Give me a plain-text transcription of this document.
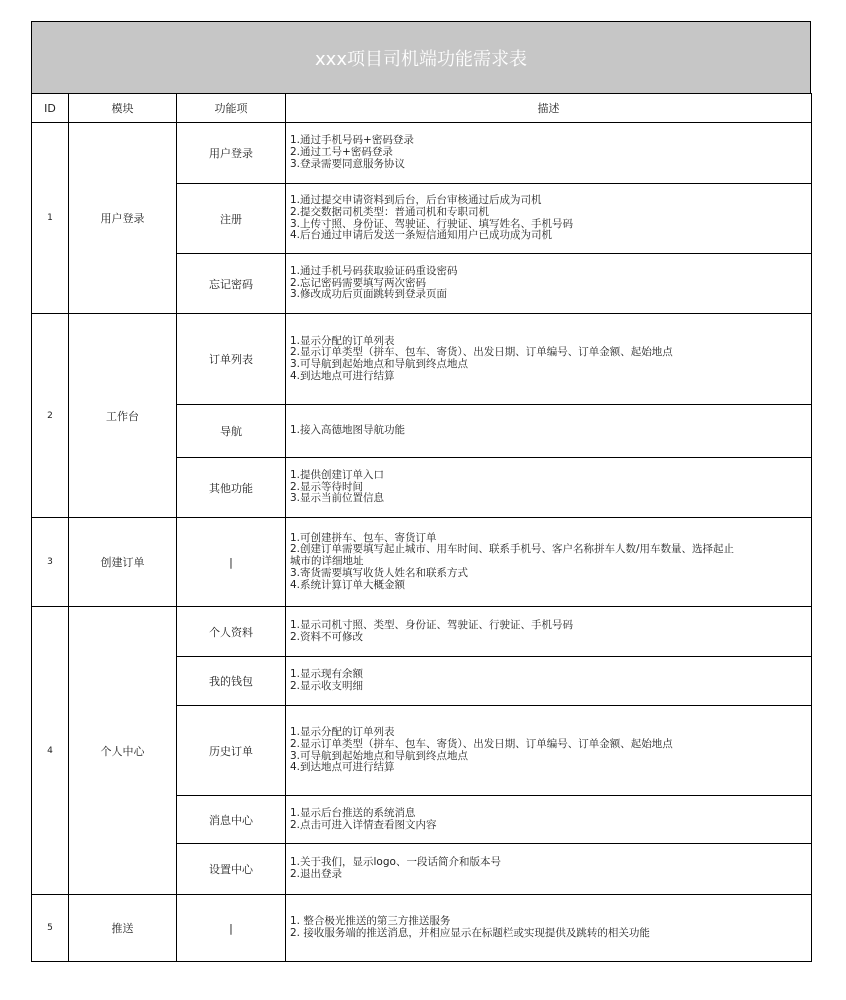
xxx项目司机端功能需求表
ID	模块	功能项	描述
1	用户登录	用户登录	1.通过手机号码+密码登录
2.通过工号+密码登录
3.登录需要同意服务协议

		注册	1.通过提交申请资料到后台，后台审核通过后成为司机
2.提交数据司机类型：普通司机和专职司机
3.上传寸照、身份证、驾驶证、行驶证、填写姓名、手机号码
4.后台通过申请后发送一条短信通知用户已成功成为司机

		忘记密码	1.通过手机号码获取验证码重设密码
2.忘记密码需要填写两次密码
3.修改成功后页面跳转到登录页面

2	工作台	订单列表	1.显示分配的订单列表
2.显示订单类型（拼车、包车、寄货）、出发日期、订单编号、订单金额、起始地点
3.可导航到起始地点和导航到终点地点
4.到达地点可进行结算

		导航	1.接入高德地图导航功能

		其他功能	1.提供创建订单入口
2.显示等待时间
3.显示当前位置信息

3	创建订单	|	1.可创建拼车、包车、寄货订单
2.创建订单需要填写起止城市、用车时间、联系手机号、客户名称拼车人数/用车数量、选择起止
城市的详细地址
3.寄货需要填写收货人姓名和联系方式
4.系统计算订单大概金额

4	个人中心	个人资料	1.显示司机寸照、类型、身份证、驾驶证、行驶证、手机号码
2.资料不可修改

		我的钱包	1.显示现有余额
2.显示收支明细

		历史订单	1.显示分配的订单列表
2.显示订单类型（拼车、包车、寄货）、出发日期、订单编号、订单金额、起始地点
3.可导航到起始地点和导航到终点地点
4.到达地点可进行结算

		消息中心	1.显示后台推送的系统消息
2.点击可进入详情查看图文内容

		设置中心	1.关于我们，显示logo、一段话简介和版本号
2.退出登录

5	推送	|	1. 整合极光推送的第三方推送服务
2. 接收服务端的推送消息，并相应显示在标题栏或实现提供及跳转的相关功能
